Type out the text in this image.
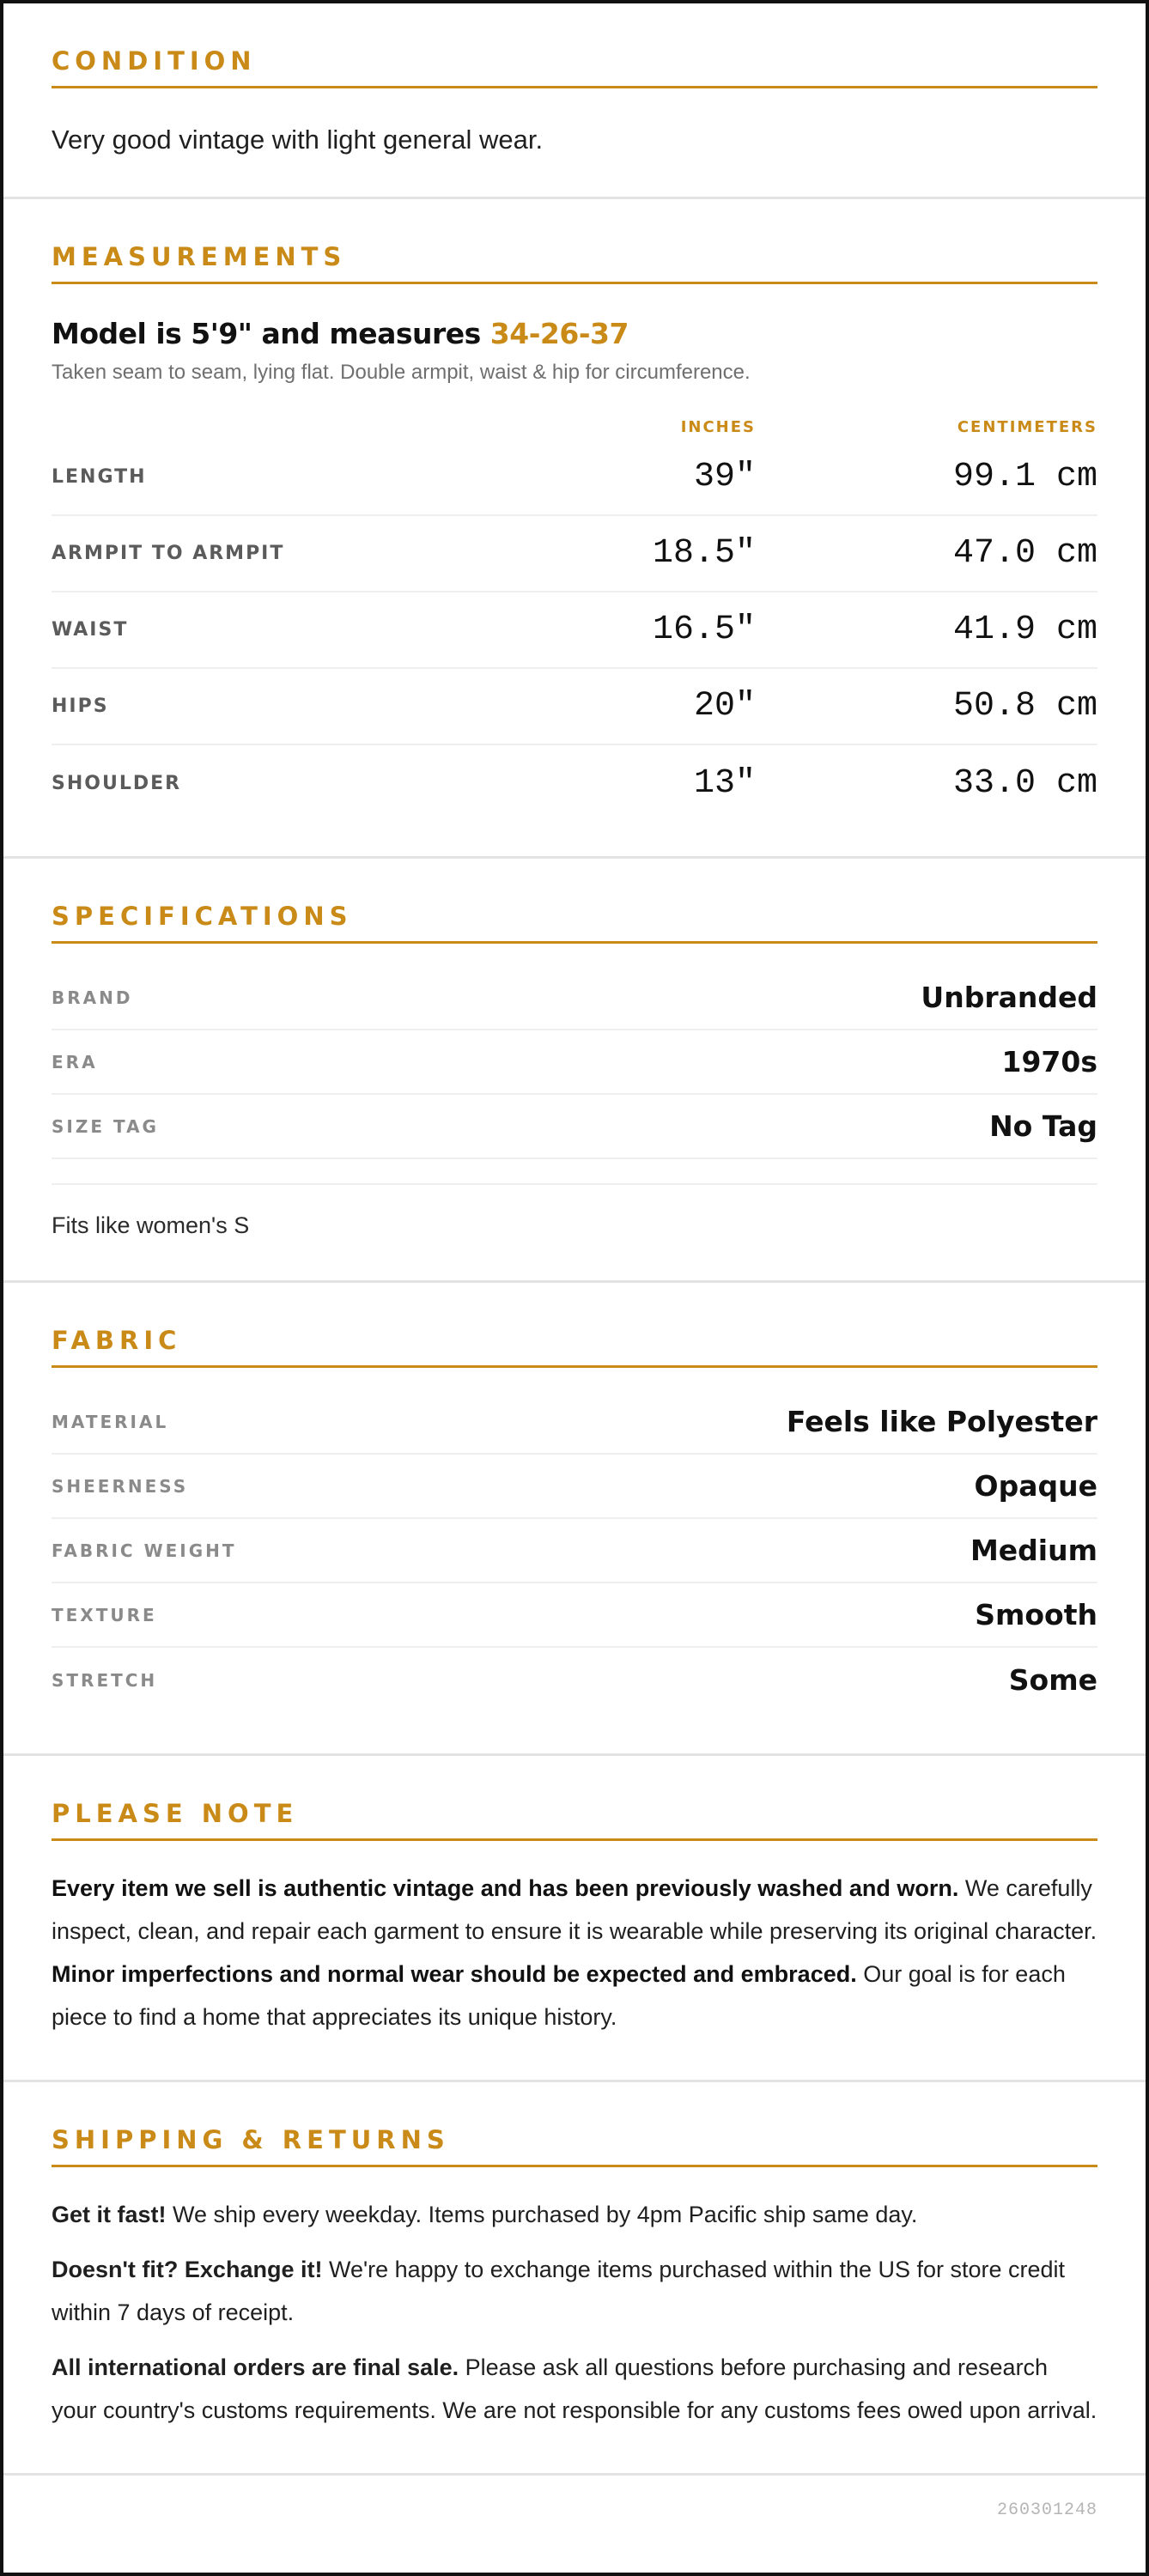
CONDITION

Very good vintage with light general wear.

MEASUREMENTS
Model is 5'9" and measures 34-26-37

Taken seam to seam, lying flat. Double armpit, waist & hip for circumference.

INCHES	CENTIMETERS
LENGTH	39"	99.1 cm
ARMPIT TO ARMPIT	18.5"	47.0 cm
WAIST	16.5"	41.9 cm
HIPS	20"	50.8 cm
SHOULDER	13"	33.0 cm
SPECIFICATIONS
BRAND	Unbranded
ERA	1970s
SIZE TAG	No Tag

Fits like women's S

FABRIC
MATERIAL	Feels like Polyester
SHEERNESS	Opaque
FABRIC WEIGHT	Medium
TEXTURE	Smooth
STRETCH	Some
PLEASE NOTE

Every item we sell is authentic vintage and has been previously washed and worn. We carefully inspect, clean, and repair each garment to ensure it is wearable while preserving its original character. Minor imperfections and normal wear should be expected and embraced. Our goal is for each piece to find a home that appreciates its unique history.

SHIPPING & RETURNS

Get it fast! We ship every weekday. Items purchased by 4pm Pacific ship same day.

Doesn't fit? Exchange it! We're happy to exchange items purchased within the US for store credit within 7 days of receipt.

All international orders are final sale. Please ask all questions before purchasing and research your country's customs requirements. We are not responsible for any customs fees owed upon arrival.

260301248
